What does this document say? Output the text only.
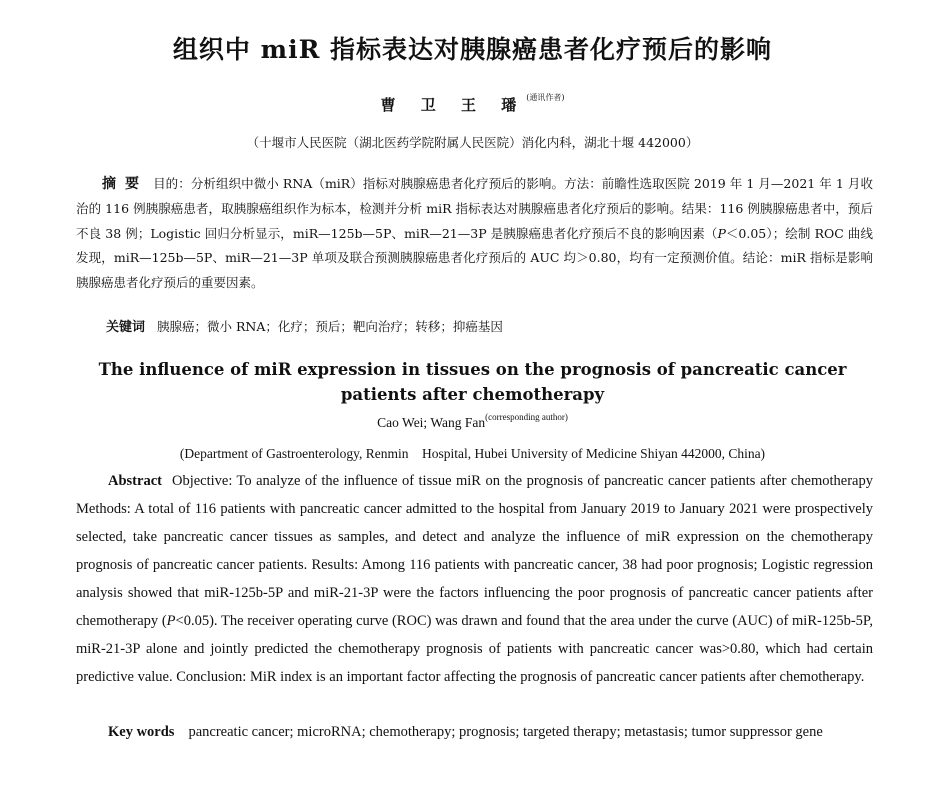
组织中 miR 指标表达对胰腺癌患者化疗预后的影响
曹 卫 王 璠$^{(通讯作者)}$
（十堰市人民医院（湖北医药学院附属人民医院）消化内科，湖北十堰 442000）

摘 要 目的：分析组织中微小 RNA（miR）指标对胰腺癌患者化疗预后的影响。方法：前瞻性选取医院 2019 年 1 月—2021 年 1 月收治的 116 例胰腺癌患者，取胰腺癌组织作为标本，检测并分析 miR 指标表达对胰腺癌患者化疗预后的影响。结果：116 例胰腺癌患者中，预后不良 38 例；Logistic 回归分析显示，miR—125b—5P、miR—21—3P 是胰腺癌患者化疗预后不良的影响因素（P＜0.05）；绘制 ROC 曲线发现，miR—125b—5P、miR—21—3P 单项及联合预测胰腺癌患者化疗预后的 AUC 均＞0.80，均有一定预测价值。结论：miR 指标是影响胰腺癌患者化疗预后的重要因素。

关键词 胰腺癌；微小 RNA；化疗；预后；靶向治疗；转移；抑癌基因

The influence of miR expression in tissues on the prognosis of pancreatic cancer patients after chemotherapy

Cao Wei; Wang Fan$^{(corresponding author)}$
(Department of Gastroenterology, Renmin　Hospital, Hubei University of Medicine Shiyan 442000, China)

Abstract Objective: To analyze of the influence of tissue miR on the prognosis of pancreatic cancer patients after chemotherapy Methods: A total of 116 patients with pancreatic cancer admitted to the hospital from January 2019 to January 2021 were prospectively selected, take pancreatic cancer tissues as samples, and detect and analyze the influence of miR expression on the chemotherapy prognosis of pancreatic cancer patients. Results: Among 116 patients with pancreatic cancer, 38 had poor prognosis; Logistic regression analysis showed that miR-125b-5P and miR-21-3P were the factors influencing the poor prognosis of pancreatic cancer patients after chemotherapy (P<0.05). The receiver operating curve (ROC) was drawn and found that the area under the curve (AUC) of miR-125b-5P, miR-21-3P alone and jointly predicted the chemotherapy prognosis of patients with pancreatic cancer was>0.80, which had certain predictive value. Conclusion: MiR index is an important factor affecting the prognosis of pancreatic cancer patients after chemotherapy.

Key words pancreatic cancer; microRNA; chemotherapy; prognosis; targeted therapy; metastasis; tumor suppressor gene
